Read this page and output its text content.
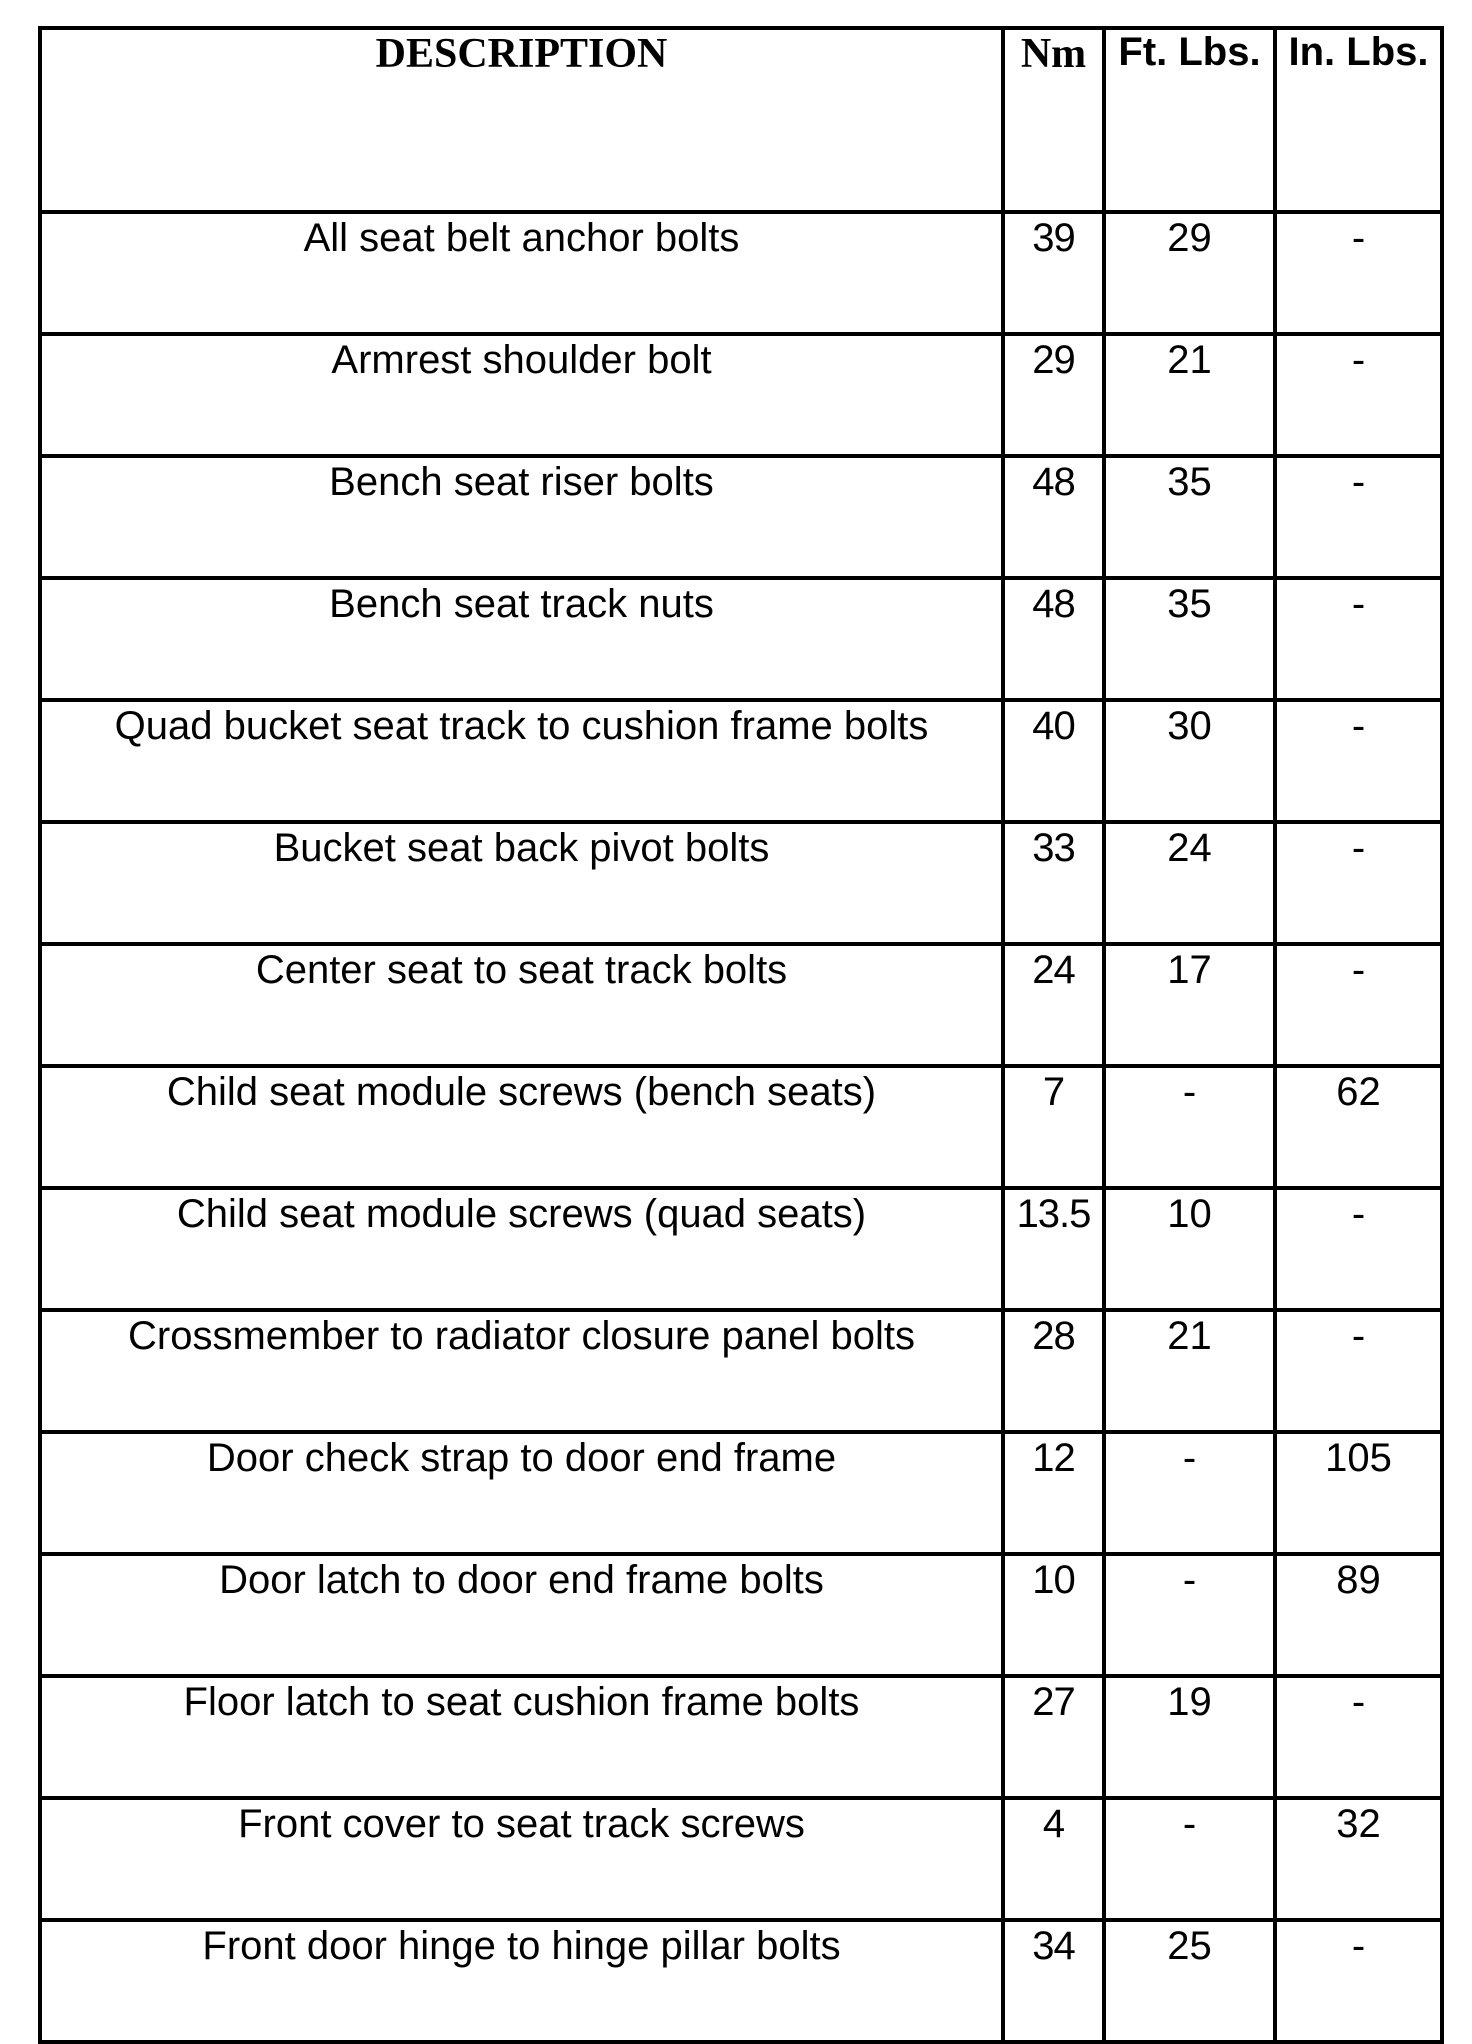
DESCRIPTION	Nm	Ft. Lbs.	In. Lbs.
All seat belt anchor bolts	39	29	-
Armrest shoulder bolt	29	21	-
Bench seat riser bolts	48	35	-
Bench seat track nuts	48	35	-
Quad bucket seat track to cushion frame bolts	40	30	-
Bucket seat back pivot bolts	33	24	-
Center seat to seat track bolts	24	17	-
Child seat module screws (bench seats)	7	-	62
Child seat module screws (quad seats)	13.5	10	-
Crossmember to radiator closure panel bolts	28	21	-
Door check strap to door end frame	12	-	105
Door latch to door end frame bolts	10	-	89
Floor latch to seat cushion frame bolts	27	19	-
Front cover to seat track screws	4	-	32
Front door hinge to hinge pillar bolts	34	25	-
